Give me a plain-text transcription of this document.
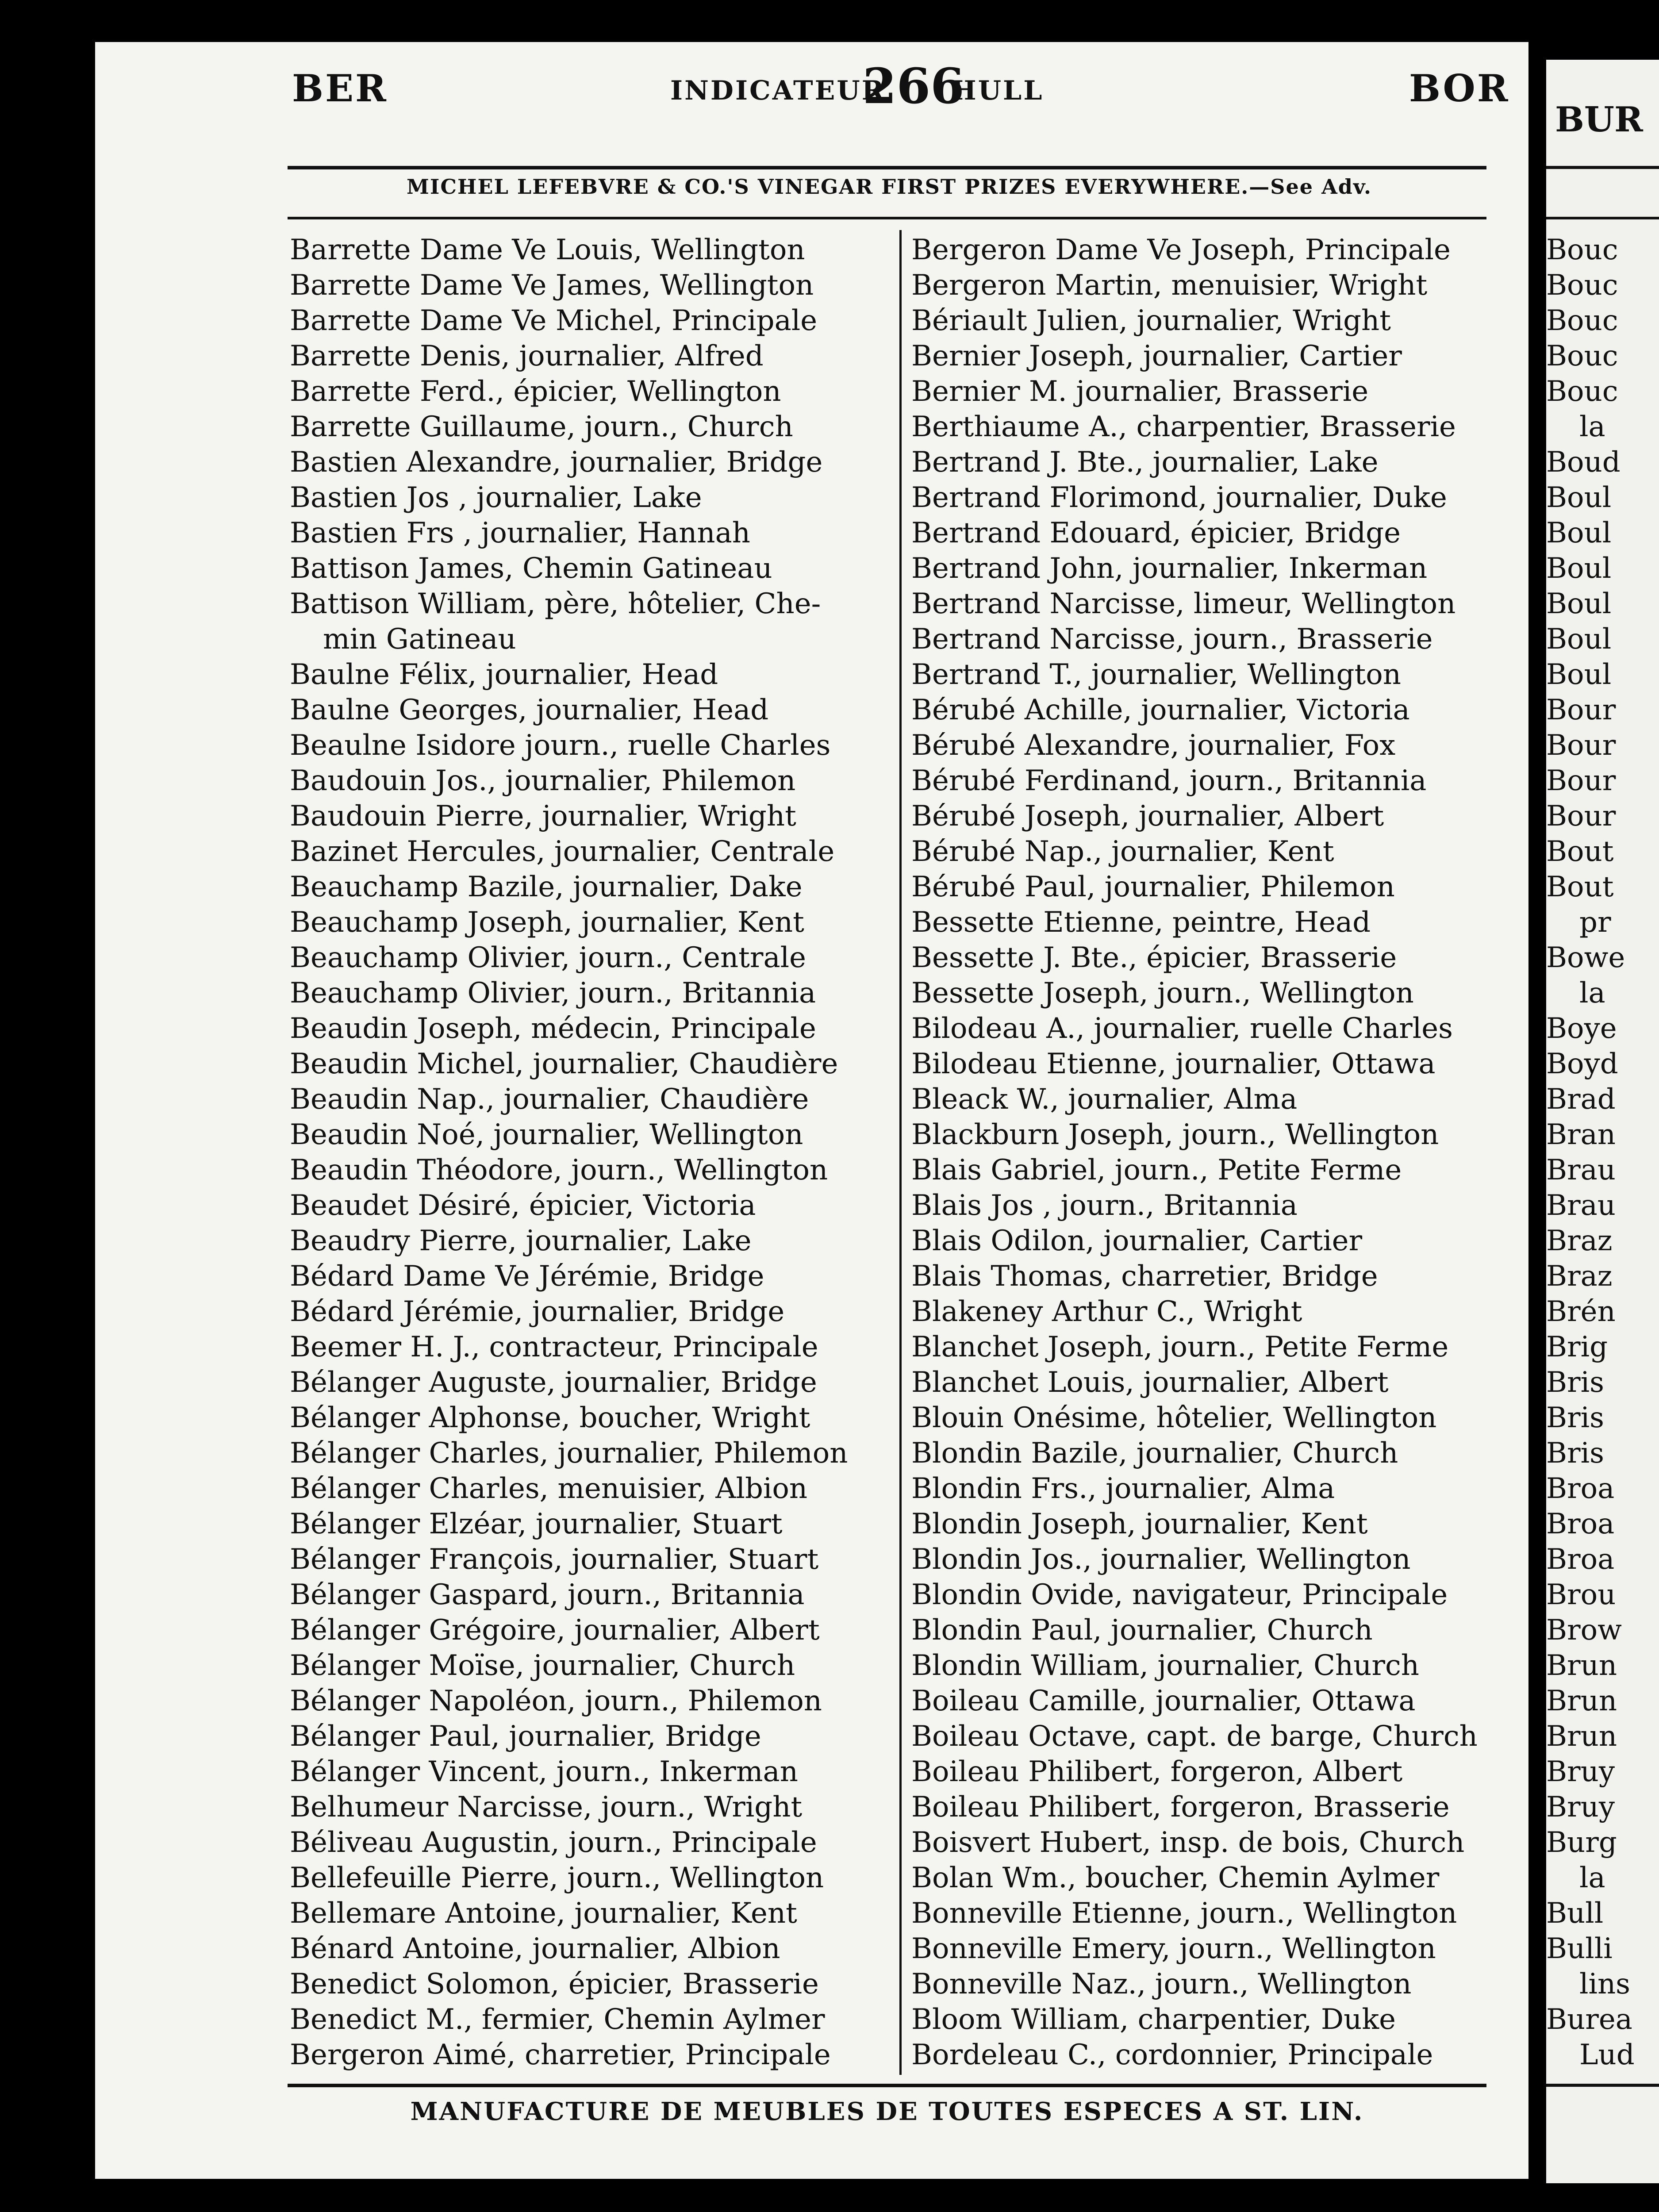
BER	INDICATEUR
266
HULL	BOR
MICHEL LEFEBVRE & CO.'S VINEGAR FIRST PRIZES EVERYWHERE.—See Adv.
Barrette Dame Ve Louis, Wellington
Barrette Dame Ve James, Wellington
Barrette Dame Ve Michel, Principale
Barrette Denis, journalier, Alfred
Barrette Ferd., épicier, Wellington
Barrette Guillaume, journ., Church
Bastien Alexandre, journalier, Bridge
Bastien Jos , journalier, Lake
Bastien Frs , journalier, Hannah
Battison James, Chemin Gatineau
Battison William, père, hôtelier, Che-
min Gatineau
Baulne Félix, journalier, Head
Baulne Georges, journalier, Head
Beaulne Isidore journ., ruelle Charles
Baudouin Jos., journalier, Philemon
Baudouin Pierre, journalier, Wright
Bazinet Hercules, journalier, Centrale
Beauchamp Bazile, journalier, Dake
Beauchamp Joseph, journalier, Kent
Beauchamp Olivier, journ., Centrale
Beauchamp Olivier, journ., Britannia
Beaudin Joseph, médecin, Principale
Beaudin Michel, journalier, Chaudière
Beaudin Nap., journalier, Chaudière
Beaudin Noé, journalier, Wellington
Beaudin Théodore, journ., Wellington
Beaudet Désiré, épicier, Victoria
Beaudry Pierre, journalier, Lake
Bédard Dame Ve Jérémie, Bridge
Bédard Jérémie, journalier, Bridge
Beemer H. J., contracteur, Principale
Bélanger Auguste, journalier, Bridge
Bélanger Alphonse, boucher, Wright
Bélanger Charles, journalier, Philemon
Bélanger Charles, menuisier, Albion
Bélanger Elzéar, journalier, Stuart
Bélanger François, journalier, Stuart
Bélanger Gaspard, journ., Britannia
Bélanger Grégoire, journalier, Albert
Bélanger Moïse, journalier, Church
Bélanger Napoléon, journ., Philemon
Bélanger Paul, journalier, Bridge
Bélanger Vincent, journ., Inkerman
Belhumeur Narcisse, journ., Wright
Béliveau Augustin, journ., Principale
Bellefeuille Pierre, journ., Wellington
Bellemare Antoine, journalier, Kent
Bénard Antoine, journalier, Albion
Benedict Solomon, épicier, Brasserie
Benedict M., fermier, Chemin Aylmer
Bergeron Aimé, charretier, Principale
Bergeron Dame Ve Joseph, Principale
Bergeron Martin, menuisier, Wright
Bériault Julien, journalier, Wright
Bernier Joseph, journalier, Cartier
Bernier M. journalier, Brasserie
Berthiaume A., charpentier, Brasserie
Bertrand J. Bte., journalier, Lake
Bertrand Florimond, journalier, Duke
Bertrand Edouard, épicier, Bridge
Bertrand John, journalier, Inkerman
Bertrand Narcisse, limeur, Wellington
Bertrand Narcisse, journ., Brasserie
Bertrand T., journalier, Wellington
Bérubé Achille, journalier, Victoria
Bérubé Alexandre, journalier, Fox
Bérubé Ferdinand, journ., Britannia
Bérubé Joseph, journalier, Albert
Bérubé Nap., journalier, Kent
Bérubé Paul, journalier, Philemon
Bessette Etienne, peintre, Head
Bessette J. Bte., épicier, Brasserie
Bessette Joseph, journ., Wellington
Bilodeau A., journalier, ruelle Charles
Bilodeau Etienne, journalier, Ottawa
Bleack W., journalier, Alma
Blackburn Joseph, journ., Wellington
Blais Gabriel, journ., Petite Ferme
Blais Jos , journ., Britannia
Blais Odilon, journalier, Cartier
Blais Thomas, charretier, Bridge
Blakeney Arthur C., Wright
Blanchet Joseph, journ., Petite Ferme
Blanchet Louis, journalier, Albert
Blouin Onésime, hôtelier, Wellington
Blondin Bazile, journalier, Church
Blondin Frs., journalier, Alma
Blondin Joseph, journalier, Kent
Blondin Jos., journalier, Wellington
Blondin Ovide, navigateur, Principale
Blondin Paul, journalier, Church
Blondin William, journalier, Church
Boileau Camille, journalier, Ottawa
Boileau Octave, capt. de barge, Church
Boileau Philibert, forgeron, Albert
Boileau Philibert, forgeron, Brasserie
Boisvert Hubert, insp. de bois, Church
Bolan Wm., boucher, Chemin Aylmer
Bonneville Etienne, journ., Wellington
Bonneville Emery, journ., Wellington
Bonneville Naz., journ., Wellington
Bloom William, charpentier, Duke
Bordeleau C., cordonnier, Principale
MANUFACTURE DE MEUBLES DE TOUTES ESPECES A ST. LIN.
BUR
Bouc
Bouc
Bouc
Bouc
Bouc
la
Boud
Boul
Boul
Boul
Boul
Boul
Boul
Bour
Bour
Bour
Bour
Bout
Bout
pr
Bowe
la
Boye
Boyd
Brad
Bran
Brau
Brau
Braz
Braz
Brén
Brig
Bris
Bris
Bris
Broa
Broa
Broa
Brou
Brow
Brun
Brun
Brun
Bruy
Bruy
Burg
la
Bull
Bulli
lins
Burea
Lud
